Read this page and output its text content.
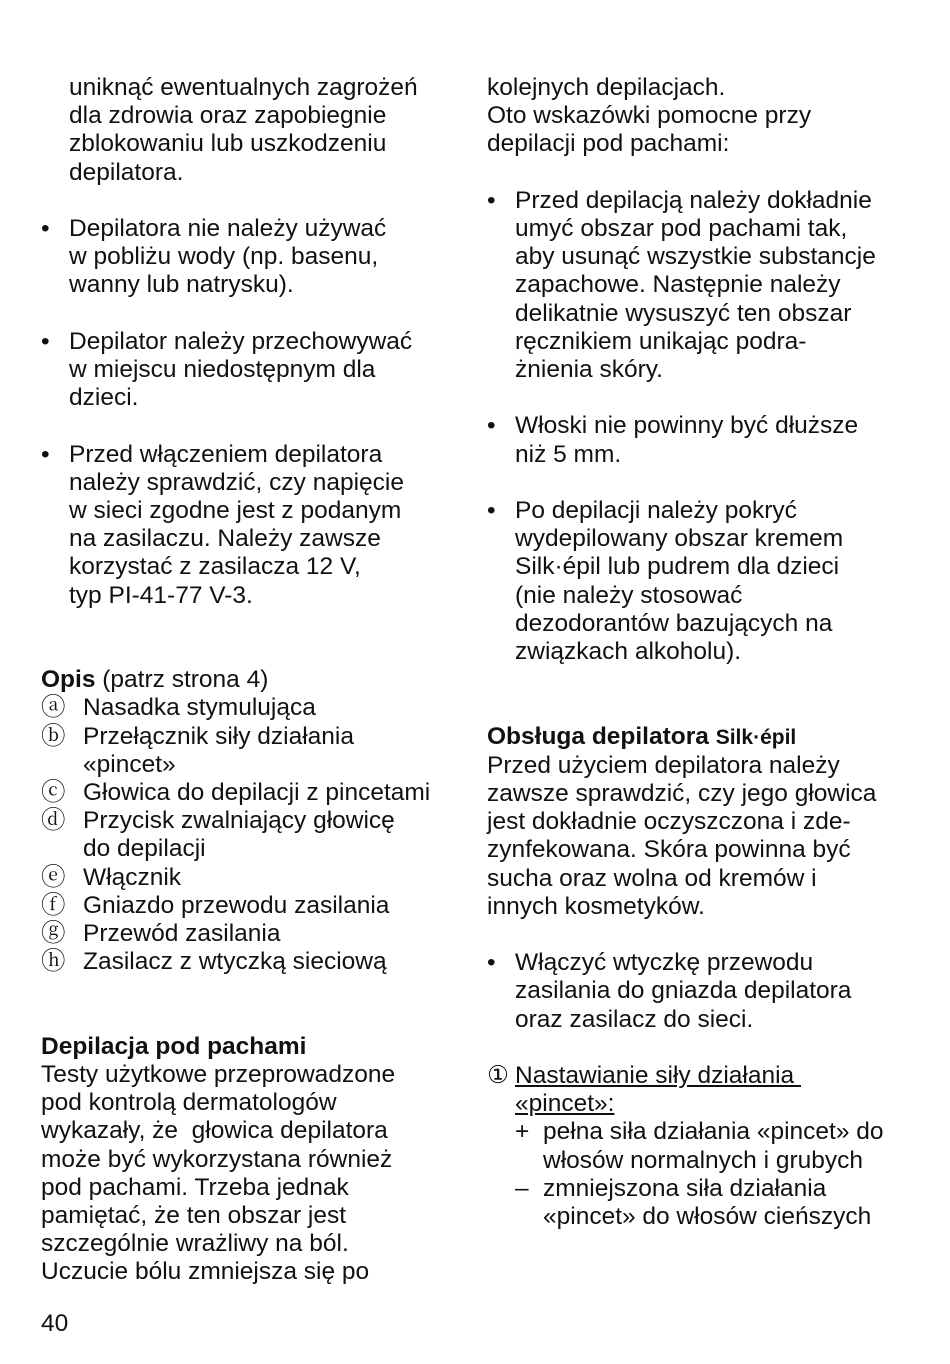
uniknąć ewentualnych zagrożeń

dla zdrowia oraz zapobiegnie

zblokowaniu lub uszkodzeniu

depilatora.

• Depilatora nie należy używać

w pobliżu wody (np. basenu,

wanny lub natrysku).

• Depilator należy przechowywać

w miejscu niedostępnym dla

dzieci.

• Przed włączeniem depilatora

należy sprawdzić, czy napięcie

w sieci zgodne jest z podanym

na zasilaczu. Należy zawsze

korzystać z zasilacza 12 V,

typ PI-41-77 V-3.

Opis (patrz strona 4)

ⓐ Nasadka stymulująca

ⓑ Przełącznik siły działania

«pincet»

ⓒ Głowica do depilacji z pincetami

ⓓ Przycisk zwalniający głowicę

do depilacji

ⓔ Włącznik

ⓕ Gniazdo przewodu zasilania

ⓖ Przewód zasilania

ⓗ Zasilacz z wtyczką sieciową

Depilacja pod pachami

Testy użytkowe przeprowadzone

pod kontrolą dermatologów

wykazały, że  głowica depilatora

może być wykorzystana również

pod pachami. Trzeba jednak

pamiętać, że ten obszar jest

szczególnie wrażliwy na ból.

Uczucie bólu zmniejsza się po

kolejnych depilacjach.

Oto wskazówki pomocne przy

depilacji pod pachami:

• Przed depilacją należy dokładnie

umyć obszar pod pachami tak,

aby usunąć wszystkie substancje

zapachowe. Następnie należy

delikatnie wysuszyć ten obszar

ręcznikiem unikając podra-

żnienia skóry.

• Włoski nie powinny być dłuższe

niż 5 mm.

• Po depilacji należy pokryć

wydepilowany obszar kremem

Silk·épil lub pudrem dla dzieci

(nie należy stosować

dezodorantów bazujących na

związkach alkoholu).

Obsługa depilatora Silk·épil

Przed użyciem depilatora należy

zawsze sprawdzić, czy jego głowica

jest dokładnie oczyszczona i zde-

zynfekowana. Skóra powinna być

sucha oraz wolna od kremów i

innych kosmetyków.

• Włączyć wtyczkę przewodu

zasilania do gniazda depilatora

oraz zasilacz do sieci.

① Nastawianie siły działania

«pincet»:

+ pełna siła działania «pincet» do

włosów normalnych i grubych

– zmniejszona siła działania

«pincet» do włosów cieńszych

40
